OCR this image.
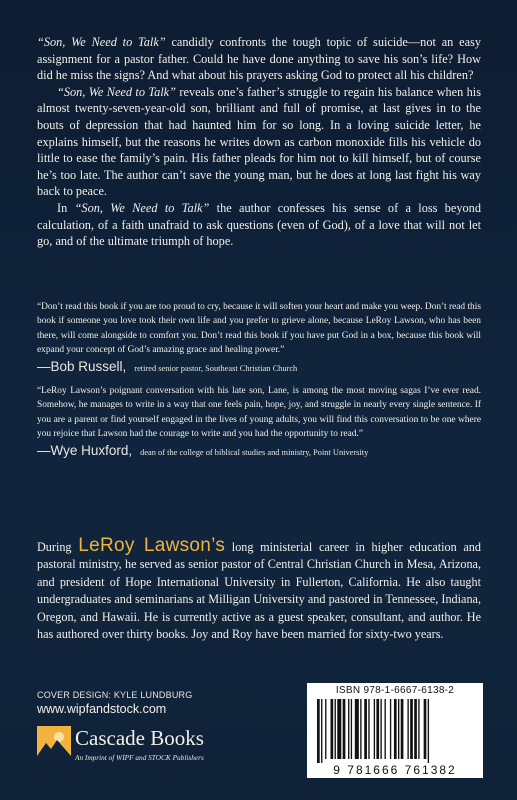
“Son, We Need to Talk” candidly confronts the tough topic of suicide—not an easy assignment for a pastor father. Could he have done anything to save his son’s life? How did he miss the signs? And what about his prayers asking God to protect all his children?

“Son, We Need to Talk” reveals one’s father’s struggle to regain his balance when his almost twenty-seven-year-old son, brilliant and full of promise, at last gives in to the bouts of depression that had haunted him for so long. In a loving suicide letter, he explains himself, but the reasons he writes down as carbon monoxide fills his vehicle do little to ease the family’s pain. His father pleads for him not to kill himself, but of course he’s too late. The author can’t save the young man, but he does at long last fight his way back to peace.

In “Son, We Need to Talk” the author confesses his sense of a loss beyond calculation, of a faith unafraid to ask questions (even of God), of a love that will not let go, and of the ultimate triumph of hope.

“Don’t read this book if you are too proud to cry, because it will soften your heart and make you weep. Don’t read this book if someone you love took their own life and you prefer to grieve alone, because LeRoy Lawson, who has been there, will come alongside to comfort you. Don’t read this book if you have put God in a box, because this book will expand your concept of God’s amazing grace and healing power.”

—Bob Russell, retired senior pastor, Southeast Christian Church

“LeRoy Lawson’s poignant conversation with his late son, Lane, is among the most moving sagas I’ve ever read. Somehow, he manages to write in a way that one feels pain, hope, joy, and struggle in nearly every single sentence. If you are a parent or find yourself engaged in the lives of young adults, you will find this conversation to be one where you rejoice that Lawson had the courage to write and you had the opportunity to read.”

—Wye Huxford, dean of the college of biblical studies and ministry, Point University

During LeRoy Lawson’s long ministerial career in higher education and pastoral ministry, he served as senior pastor of Central Christian Church in Mesa, Arizona, and president of Hope International University in Fullerton, California. He also taught undergraduates and seminarians at Milligan University and pastored in Tennessee, Indiana, Oregon, and Hawaii. He is currently active as a guest speaker, consultant, and author. He has authored over thirty books. Joy and Roy have been married for sixty-two years.

COVER DESIGN: KYLE LUNDBURG
www.wipfandstock.com
Cascade Books
An Imprint of WIPF and STOCK Publishers
ISBN 978-1-6667-6138-2
9 781666 761382
